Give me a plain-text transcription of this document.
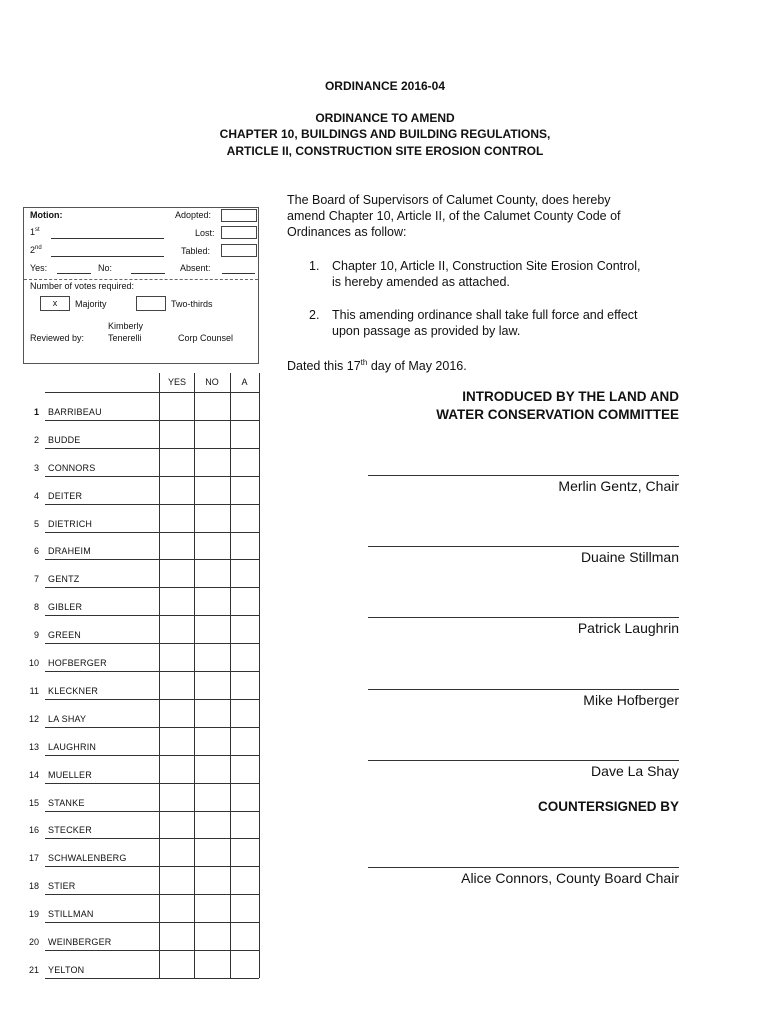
ORDINANCE 2016-04
ORDINANCE TO AMEND
CHAPTER 10, BUILDINGS AND BUILDING REGULATIONS,
ARTICLE II, CONSTRUCTION SITE EROSION CONTROL
Motion:	Adopted:
1st	Lost:
2nd	Tabled:
Yes:	No:	Absent:
Number of votes required:
x	Majority	Two-thirds
Reviewed by:
Kimberly
Tenerelli	Corp Counsel
YES	NO	A
1 BARRIBEAU
2 BUDDE
3 CONNORS
4 DEITER
5 DIETRICH
6 DRAHEIM
7 GENTZ
8 GIBLER
9 GREEN
10 HOFBERGER
11 KLECKNER
12 LA SHAY
13 LAUGHRIN
14 MUELLER
15 STANKE
16 STECKER
17 SCHWALENBERG
18 STIER
19 STILLMAN
20 WEINBERGER
21 YELTON
The Board of Supervisors of Calumet County, does hereby
amend Chapter 10, Article II, of the Calumet County Code of
Ordinances as follow:
1. Chapter 10, Article II, Construction Site Erosion Control,
is hereby amended as attached.
2. This amending ordinance shall take full force and effect
upon passage as provided by law.
Dated this 17th day of May 2016.
INTRODUCED BY THE LAND AND
WATER CONSERVATION COMMITTEE
Merlin Gentz, Chair
Duaine Stillman
Patrick Laughrin
Mike Hofberger
Dave La Shay
COUNTERSIGNED BY
Alice Connors, County Board Chair
